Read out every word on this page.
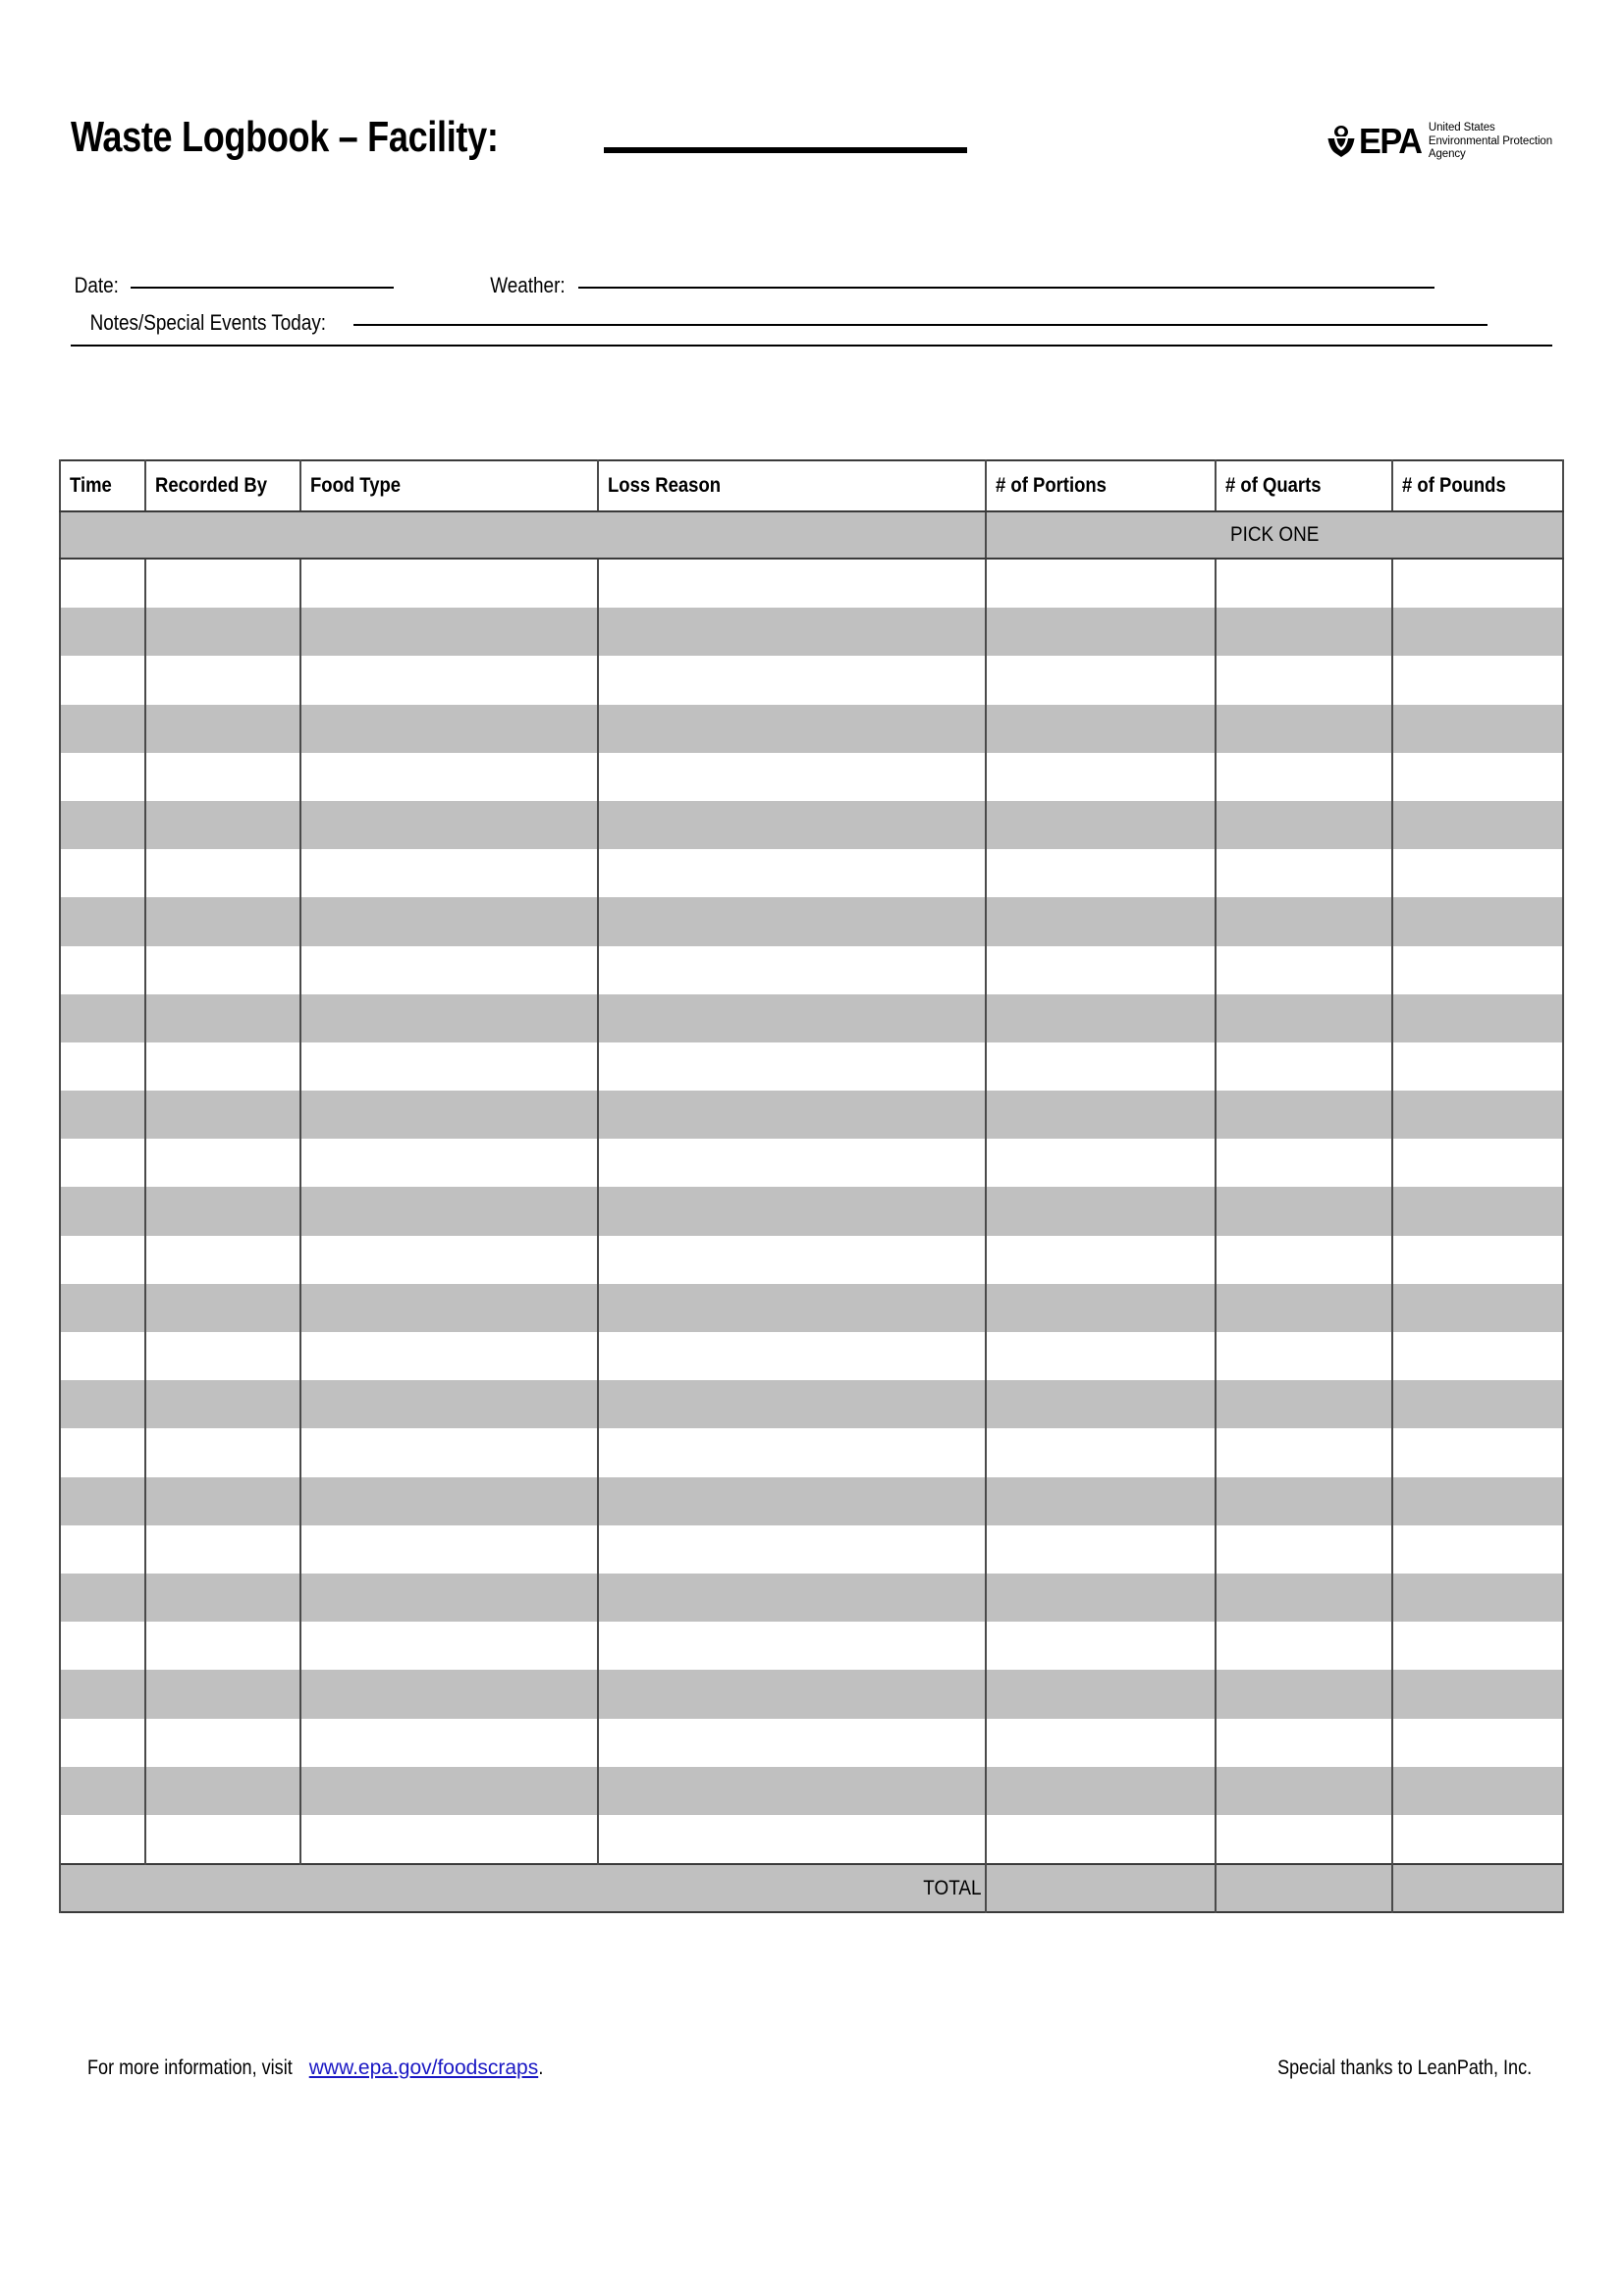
Waste Logbook – Facility:	EPA United States
Environmental Protection
Agency
Date:	Weather:
Notes/Special Events Today:
Time	Recorded By	Food Type	Loss Reason	# of Portions	# of Quarts	# of Pounds
				PICK ONE		

TOTAL						
For more information, visitwww.epa.gov/foodscraps.	Special thanks to LeanPath, Inc.
